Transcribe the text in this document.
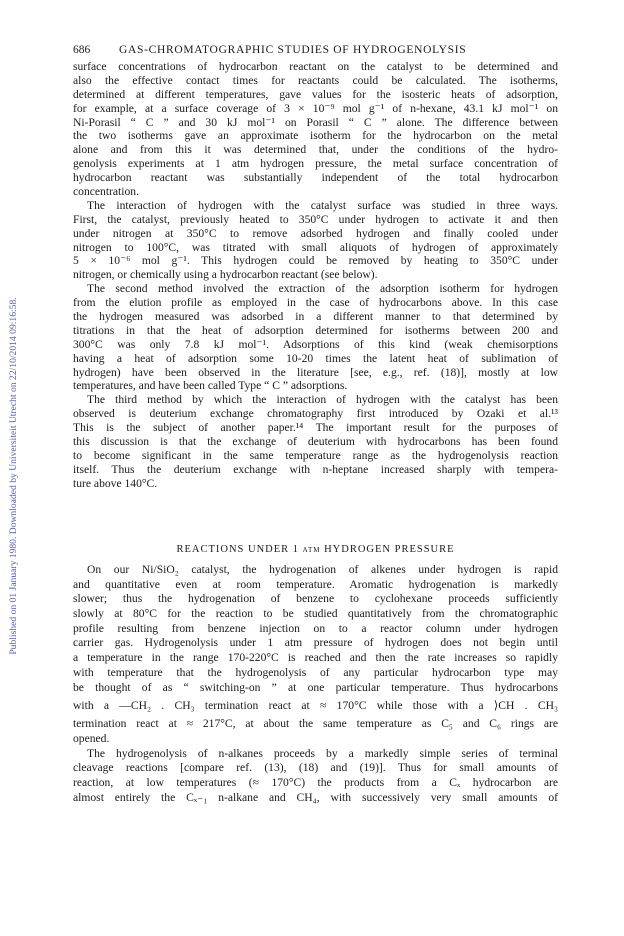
Published on 01 January 1980. Downloaded by Universiteit Utrecht on 22/10/2014 09:16:58.
686	GAS-CHROMATOGRAPHIC STUDIES OF HYDROGENOLYSIS
surface concentrations of hydrocarbon reactant on the catalyst to be determined and
also the effective contact times for reactants could be calculated. The isotherms,
determined at different temperatures, gave values for the isosteric heats of adsorption,
for example, at a surface coverage of 3 × 10⁻⁹ mol g⁻¹ of n-hexane, 43.1 kJ mol⁻¹ on
Ni-Porasil “ C ” and 30 kJ mol⁻¹ on Porasil “ C ” alone. The difference between
the two isotherms gave an approximate isotherm for the hydrocarbon on the metal
alone and from this it was determined that, under the conditions of the hydro-
genolysis experiments at 1 atm hydrogen pressure, the metal surface concentration of
hydrocarbon reactant was substantially independent of the total hydrocarbon
concentration.
The interaction of hydrogen with the catalyst surface was studied in three ways.
First, the catalyst, previously heated to 350°C under hydrogen to activate it and then
under nitrogen at 350°C to remove adsorbed hydrogen and finally cooled under
nitrogen to 100°C, was titrated with small aliquots of hydrogen of approximately
5 × 10⁻⁶ mol g⁻¹. This hydrogen could be removed by heating to 350°C under
nitrogen, or chemically using a hydrocarbon reactant (see below).
The second method involved the extraction of the adsorption isotherm for hydrogen
from the elution profile as employed in the case of hydrocarbons above. In this case
the hydrogen measured was adsorbed in a different manner to that determined by
titrations in that the heat of adsorption determined for isotherms between 200 and
300°C was only 7.8 kJ mol⁻¹. Adsorptions of this kind (weak chemisorptions
having a heat of adsorption some 10-20 times the latent heat of sublimation of
hydrogen) have been observed in the literature [see, e.g., ref. (18)], mostly at low
temperatures, and have been called Type “ C ” adsorptions.
The third method by which the interaction of hydrogen with the catalyst has been
observed is deuterium exchange chromatography first introduced by Ozaki et al.¹³
This is the subject of another paper.¹⁴ The important result for the purposes of
this discussion is that the exchange of deuterium with hydrocarbons has been found
to become significant in the same temperature range as the hydrogenolysis reaction
itself. Thus the deuterium exchange with n-heptane increased sharply with tempera-
ture above 140°C.
REACTIONS UNDER 1 atm HYDROGEN PRESSURE
On our Ni/SiO₂ catalyst, the hydrogenation of alkenes under hydrogen is rapid
and quantitative even at room temperature. Aromatic hydrogenation is markedly
slower; thus the hydrogenation of benzene to cyclohexane proceeds sufficiently
slowly at 80°C for the reaction to be studied quantitatively from the chromatographic
profile resulting from benzene injection on to a reactor column under hydrogen
carrier gas. Hydrogenolysis under 1 atm pressure of hydrogen does not begin until
a temperature in the range 170-220°C is reached and then the rate increases so rapidly
with temperature that the hydrogenolysis of any particular hydrocarbon type may
be thought of as “ switching-on ” at one particular temperature. Thus hydrocarbons
with a —CH₂ . CH₃ termination react at ≈ 170°C while those with a ⟩CH . CH₃
termination react at ≈ 217°C, at about the same temperature as C₅ and C₆ rings are
opened.
The hydrogenolysis of n-alkanes proceeds by a markedly simple series of terminal
cleavage reactions [compare ref. (13), (18) and (19)]. Thus for small amounts of
reaction, at low temperatures (≈ 170°C) the products from a Cₓ hydrocarbon are
almost entirely the Cₓ₋₁ n-alkane and CH₄, with successively very small amounts of
